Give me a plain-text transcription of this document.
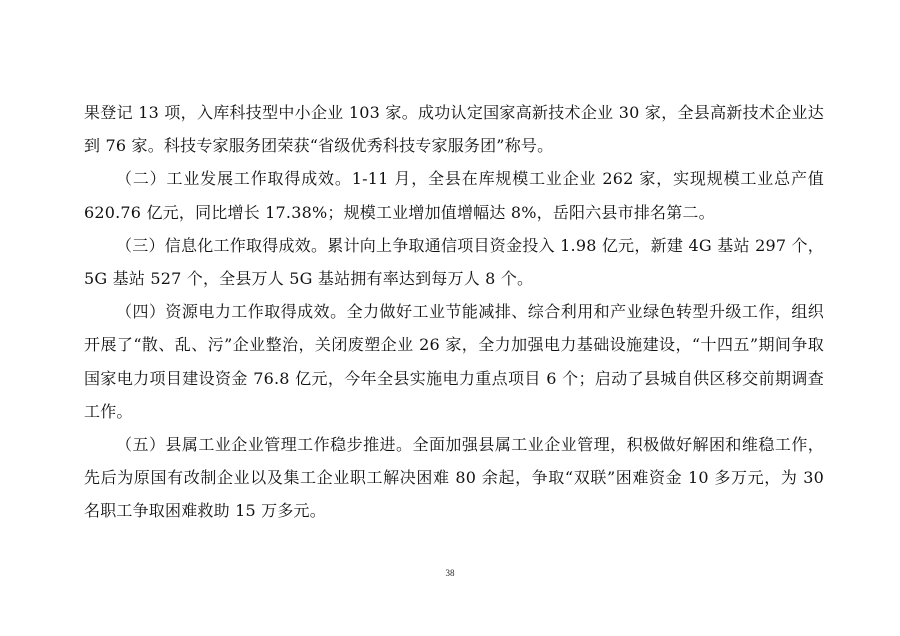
果登记 13 项，入库科技型中小企业 103 家。成功认定国家高新技术企业 30 家，全县高新技术企业达到 76 家。科技专家服务团荣获“省级优秀科技专家服务团”称号。

（二）工业发展工作取得成效。1-11 月，全县在库规模工业企业 262 家，实现规模工业总产值 620.76 亿元，同比增长 17.38%；规模工业增加值增幅达 8%，岳阳六县市排名第二。

（三）信息化工作取得成效。累计向上争取通信项目资金投入 1.98 亿元，新建 4G 基站 297 个，5G 基站 527 个，全县万人 5G 基站拥有率达到每万人 8 个。

（四）资源电力工作取得成效。全力做好工业节能减排、综合利用和产业绿色转型升级工作，组织开展了“散、乱、污”企业整治，关闭废塑企业 26 家，全力加强电力基础设施建设，“十四五”期间争取国家电力项目建设资金 76.8 亿元，今年全县实施电力重点项目 6 个；启动了县城自供区移交前期调查工作。

（五）县属工业企业管理工作稳步推进。全面加强县属工业企业管理，积极做好解困和维稳工作，先后为原国有改制企业以及集工企业职工解决困难 80 余起，争取“双联”困难资金 10 多万元，为 30 名职工争取困难救助 15 万多元。

38
